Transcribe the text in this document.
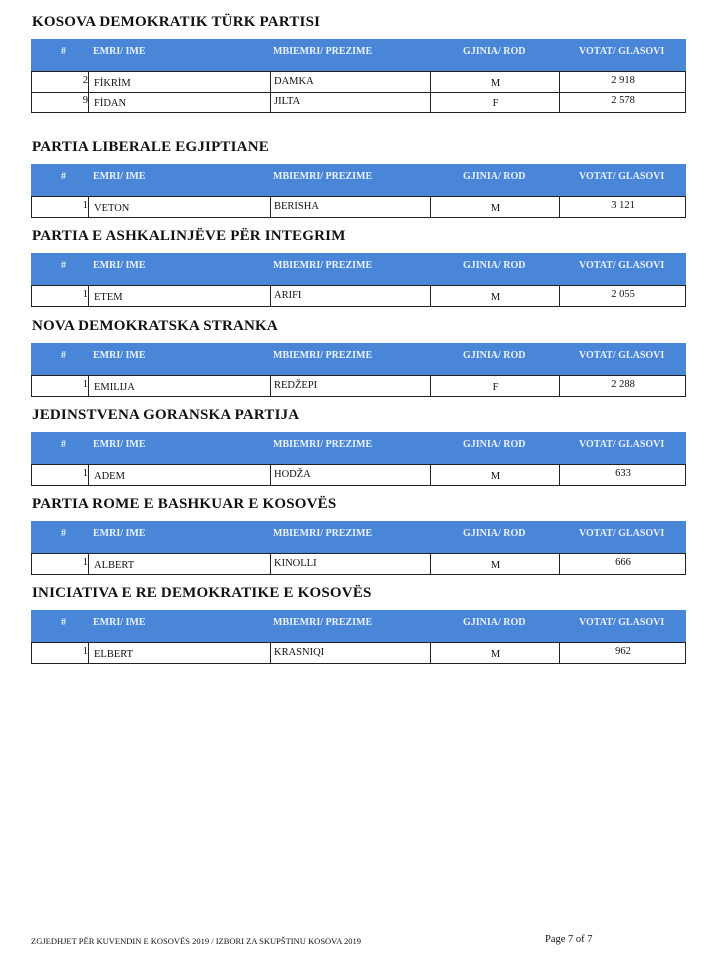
KOSOVA DEMOKRATIK TÜRK PARTISI
#	EMRI/ IME	MBIEMRI/ PREZIME	GJINIA/ ROD	VOTAT/ GLASOVI
2 FİKRİM	DAMKA	M	2 918
9 FİDAN	JILTA	F	2 578
PARTIA LIBERALE EGJIPTIANE
#	EMRI/ IME	MBIEMRI/ PREZIME	GJINIA/ ROD	VOTAT/ GLASOVI
1 VETON	BERISHA	M	3 121
PARTIA E ASHKALINJËVE PËR INTEGRIM
#	EMRI/ IME	MBIEMRI/ PREZIME	GJINIA/ ROD	VOTAT/ GLASOVI
1 ETEM	ARIFI	M	2 055
NOVA DEMOKRATSKA STRANKA
#	EMRI/ IME	MBIEMRI/ PREZIME	GJINIA/ ROD	VOTAT/ GLASOVI
1 EMILIJA	REDŽEPI	F	2 288
JEDINSTVENA GORANSKA PARTIJA
#	EMRI/ IME	MBIEMRI/ PREZIME	GJINIA/ ROD	VOTAT/ GLASOVI
1 ADEM	HODŽA	M	633
PARTIA ROME E BASHKUAR E KOSOVËS
#	EMRI/ IME	MBIEMRI/ PREZIME	GJINIA/ ROD	VOTAT/ GLASOVI
1 ALBERT	KINOLLI	M	666
INICIATIVA E RE DEMOKRATIKE E KOSOVËS
#	EMRI/ IME	MBIEMRI/ PREZIME	GJINIA/ ROD	VOTAT/ GLASOVI
1 ELBERT	KRASNIQI	M	962
ZGJEDHJET PËR KUVENDIN E KOSOVËS 2019 / IZBORI ZA SKUPŠTINU KOSOVA 2019	Page 7 of 7
